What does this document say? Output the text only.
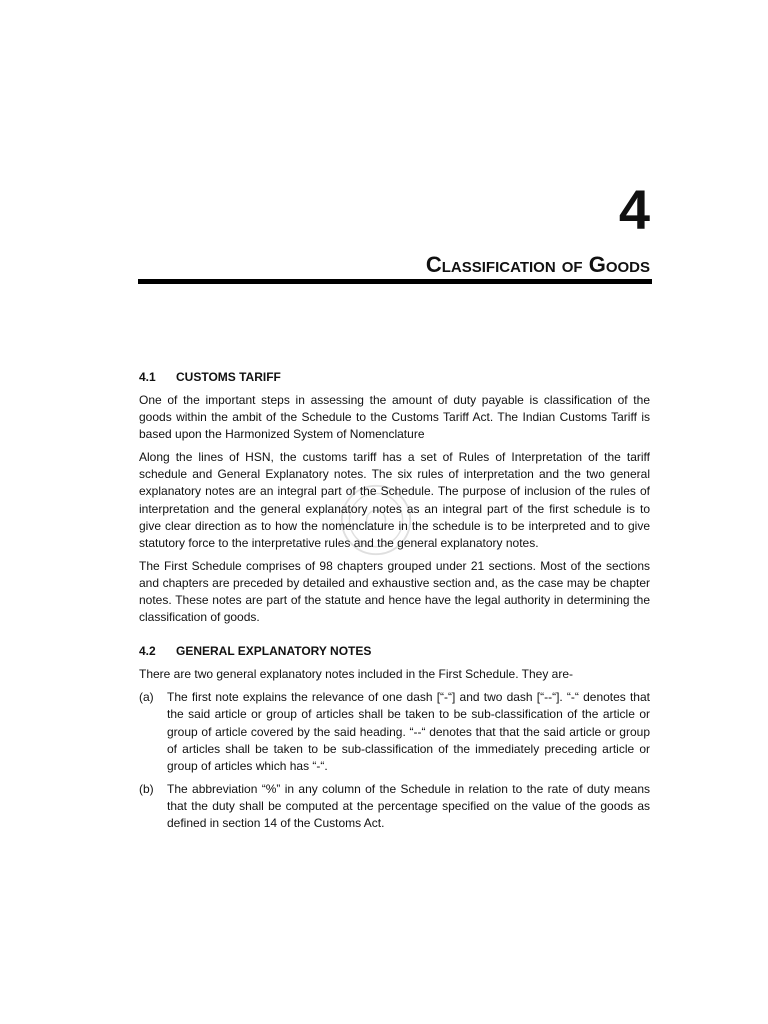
4
Classification of Goods
4.1	CUSTOMS TARIFF

One of the important steps in assessing the amount of duty payable is classification of the goods within the ambit of the Schedule to the Customs Tariff Act. The Indian Customs Tariff is based upon the Harmonized System of Nomenclature

Along the lines of HSN, the customs tariff has a set of Rules of Interpretation of the tariff schedule and General Explanatory notes. The six rules of interpretation and the two general explanatory notes are an integral part of the Schedule. The purpose of inclusion of the rules of interpretation and the general explanatory notes as an integral part of the first schedule is to give clear direction as to how the nomenclature in the schedule is to be interpreted and to give statutory force to the interpretative rules and the general explanatory notes.

The First Schedule comprises of 98 chapters grouped under 21 sections. Most of the sections and chapters are preceded by detailed and exhaustive section and, as the case may be chapter notes. These notes are part of the statute and hence have the legal authority in determining the classification of goods.

4.2	GENERAL EXPLANATORY NOTES

There are two general explanatory notes included in the First Schedule. They are-

(a)	The first note explains the relevance of one dash [“-“] and two dash [“--“]. “-“ denotes that the said article or group of articles shall be taken to be sub-classification of the article or group of article covered by the said heading. “--“ denotes that that the said article or group of articles shall be taken to be sub-classification of the immediately preceding article or group of articles which has “-“.
(b)	The abbreviation “%” in any column of the Schedule in relation to the rate of duty means that the duty shall be computed at the percentage specified on the value of the goods as defined in section 14 of the Customs Act.
